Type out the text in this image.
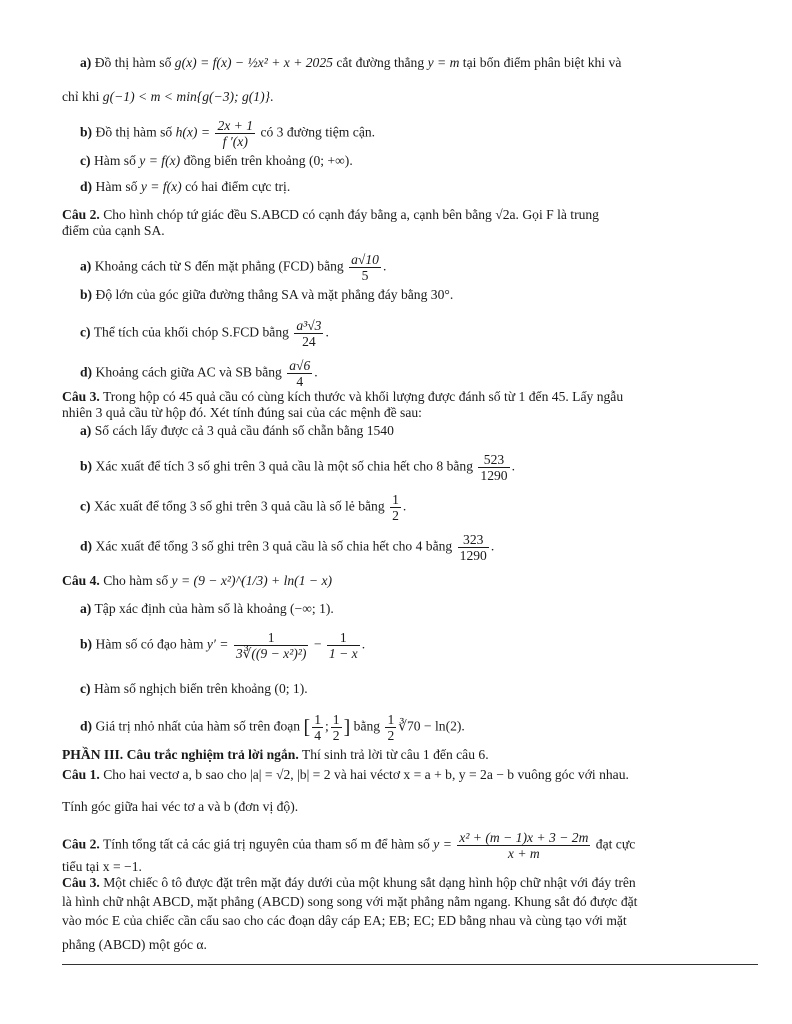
a) Đồ thị hàm số g(x) = f(x) − ½x² + x + 2025 cắt đường thẳng y = m tại bốn điểm phân biệt khi và
chỉ khi g(−1) < m < min{g(−3); g(1)}.
b) Đồ thị hàm số $h(x) = \frac{2x + 1}{f '(x)}$ có 3 đường tiệm cận.
c) Hàm số y = f(x) đồng biến trên khoảng (0; +∞).
d) Hàm số y = f(x) có hai điểm cực trị.
Câu 2. Cho hình chóp tứ giác đều S.ABCD có cạnh đáy bằng a, cạnh bên bằng √2a. Gọi F là trung
điểm của cạnh SA.
a) Khoảng cách từ S đến mặt phẳng (FCD) bằng $\frac{a√10}{5}$ .
b) Độ lớn của góc giữa đường thẳng SA và mặt phẳng đáy bằng 30°.
c) Thể tích của khối chóp S.FCD bằng $\frac{\text{a³√3}}{24}$ .
d) Khoảng cách giữa AC và SB bằng $\frac{a√6}{4}$ .
Câu 3. Trong hộp có 45 quả cầu có cùng kích thước và khối lượng được đánh số từ 1 đến 45. Lấy ngẫu
nhiên 3 quả cầu từ hộp đó. Xét tính đúng sai của các mệnh đề sau:
a) Số cách lấy được cả 3 quả cầu đánh số chẵn bằng 1540
b) Xác xuất để tích 3 số ghi trên 3 quả cầu là một số chia hết cho 8 bằng $\frac{523}{1290}$ .
c) Xác xuất để tổng 3 số ghi trên 3 quả cầu là số lẻ bằng $\frac{1}{2}$ .
d) Xác xuất để tổng 3 số ghi trên 3 quả cầu là số chia hết cho 4 bằng $\frac{323}{1290}$ .
Câu 4. Cho hàm số y = (9 − x²)^(1/3) + ln(1 − x)
a) Tập xác định của hàm số là khoảng (−∞; 1).
b) Hàm số có đạo hàm $y' = \frac{1}{\text{3∛((9 − x²)²)}} - \frac{1}{1 - x}$ .
c) Hàm số nghịch biến trên khoảng (0; 1).
d) Giá trị nhỏ nhất của hàm số trên đoạn [ $\frac{1}{4}$ ; $\frac{1}{2}$ ] bằng $\frac{1}{2}$ ∛70 − ln(2).
PHẦN III. Câu trắc nghiệm trả lời ngắn. Thí sinh trả lời từ câu 1 đến câu 6.
Câu 1. Cho hai vectơ a, b sao cho |a| = √2, |b| = 2 và hai véctơ x = a + b, y = 2a − b vuông góc với nhau.
Tính góc giữa hai véc tơ a và b (đơn vị độ).
Câu 2. Tính tổng tất cả các giá trị nguyên của tham số m để hàm số $y = \frac{\text{x² + (m − 1)x + 3 − 2m}}{x + m}$ đạt cực
tiểu tại x = −1.
Câu 3. Một chiếc ô tô được đặt trên mặt đáy dưới của một khung sắt dạng hình hộp chữ nhật với đáy trên
là hình chữ nhật ABCD, mặt phẳng (ABCD) song song với mặt phẳng nằm ngang. Khung sắt đó được đặt
vào móc E của chiếc cần cẩu sao cho các đoạn dây cáp EA; EB; EC; ED bằng nhau và cùng tạo với mặt
phẳng (ABCD) một góc α.
